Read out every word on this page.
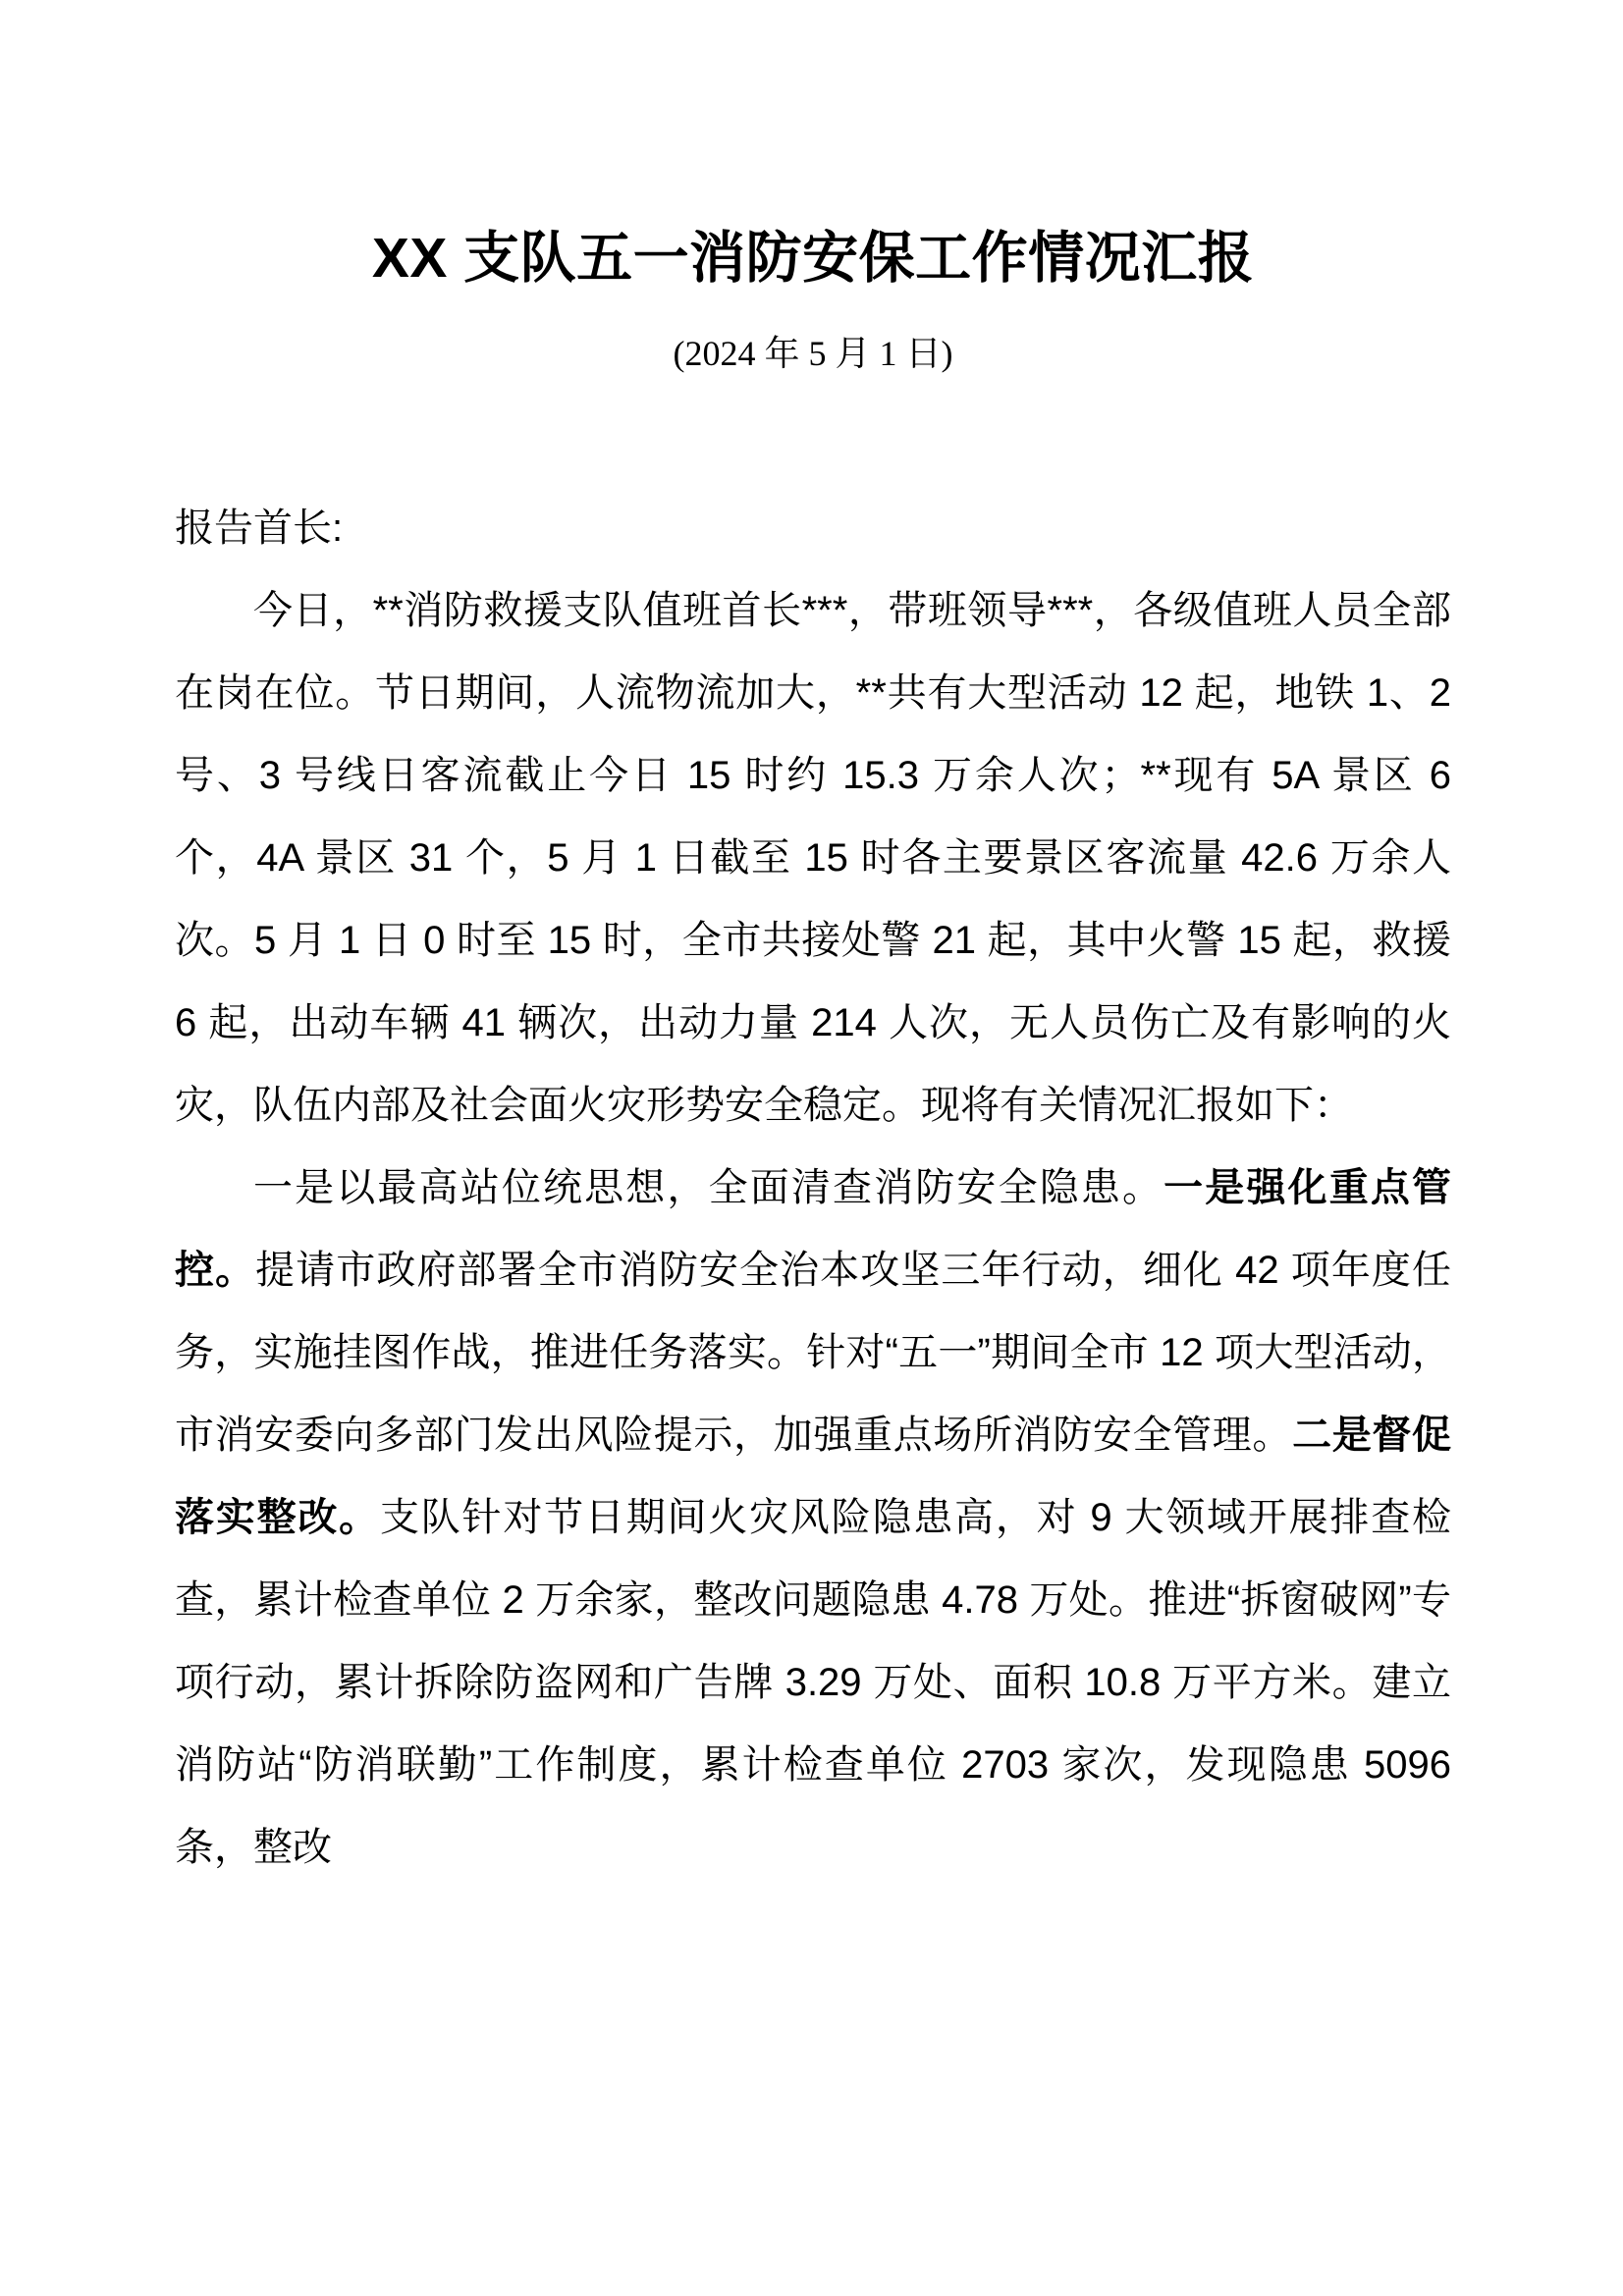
XX 支队五一消防安保工作情况汇报
(2024 年 5 月 1 日)

报告首长:

今日，**消防救援支队值班首长***，带班领导***，各级值班人员全部在岗在位。节日期间，人流物流加大，**共有大型活动 12 起，地铁 1、2 号、3 号线日客流截止今日 15 时约 15.3 万余人次；**现有 5A 景区 6 个，4A 景区 31 个，5 月 1 日截至 15 时各主要景区客流量 42.6 万余人次。5 月 1 日 0 时至 15 时，全市共接处警 21 起，其中火警 15 起，救援 6 起，出动车辆 41 辆次，出动力量 214 人次，无人员伤亡及有影响的火灾，队伍内部及社会面火灾形势安全稳定。现将有关情况汇报如下：

一是以最高站位统思想，全面清查消防安全隐患。一是强化重点管控。提请市政府部署全市消防安全治本攻坚三年行动，细化 42 项年度任务，实施挂图作战，推进任务落实。针对“五一”期间全市 12 项大型活动，市消安委向多部门发出风险提示，加强重点场所消防安全管理。二是督促落实整改。支队针对节日期间火灾风险隐患高，对 9 大领域开展排查检查，累计检查单位 2 万余家，整改问题隐患 4.78 万处。推进“拆窗破网”专项行动，累计拆除防盗网和广告牌 3.29 万处、面积 10.8 万平方米。建立消防站“防消联勤”工作制度，累计检查单位 2703 家次，发现隐患 5096 条，整改
